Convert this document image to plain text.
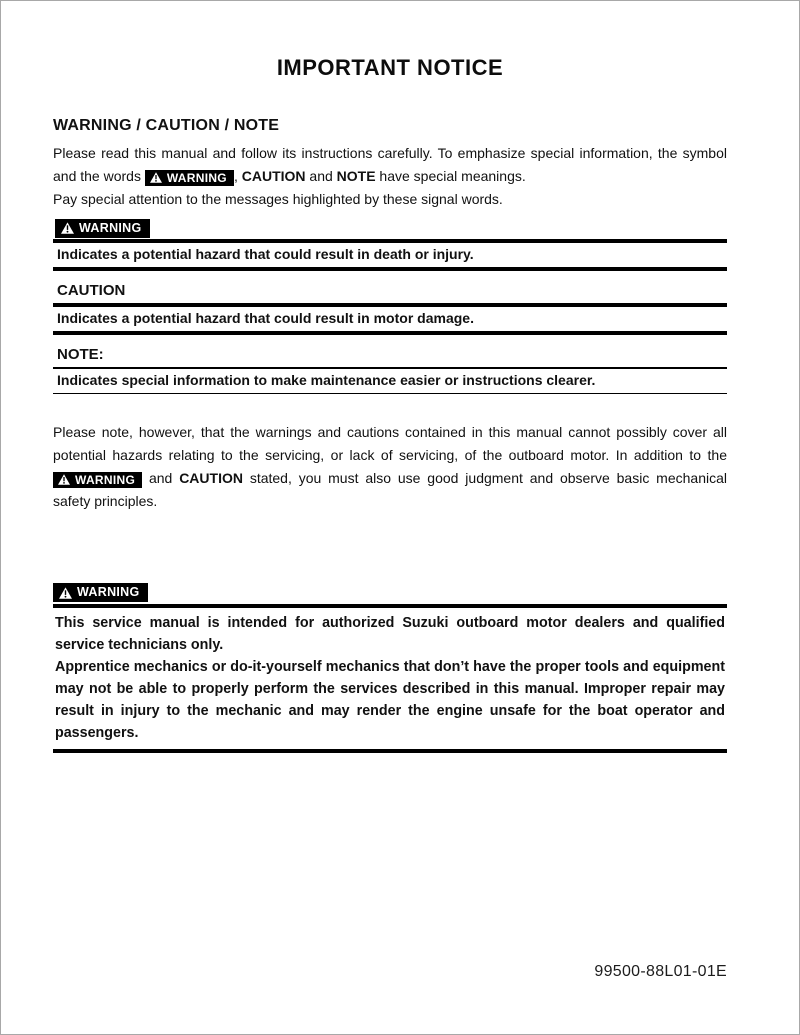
IMPORTANT NOTICE
WARNING / CAUTION / NOTE
Please read this manual and follow its instructions carefully. To emphasize special information, the symbol and the words WARNING , CAUTION and NOTE have special meanings.
Pay special attention to the messages highlighted by these signal words.
WARNING
Indicates a potential hazard that could result in death or injury.
CAUTION
Indicates a potential hazard that could result in motor damage.
NOTE:
Indicates special information to make maintenance easier or instructions clearer.
Please note, however, that the warnings and cautions contained in this manual cannot possibly cover all potential hazards relating to the servicing, or lack of servicing, of the outboard motor. In addition to the
WARNING and CAUTION stated, you must also use good judgment and observe basic mechanical safety principles.
WARNING

This service manual is intended for authorized Suzuki outboard motor dealers and qualified service technicians only.

Apprentice mechanics or do-it-yourself mechanics that don’t have the proper tools and equipment may not be able to properly perform the services described in this manual. Improper repair may result in injury to the mechanic and may render the engine unsafe for the boat operator and passengers.

99500-88L01-01E
